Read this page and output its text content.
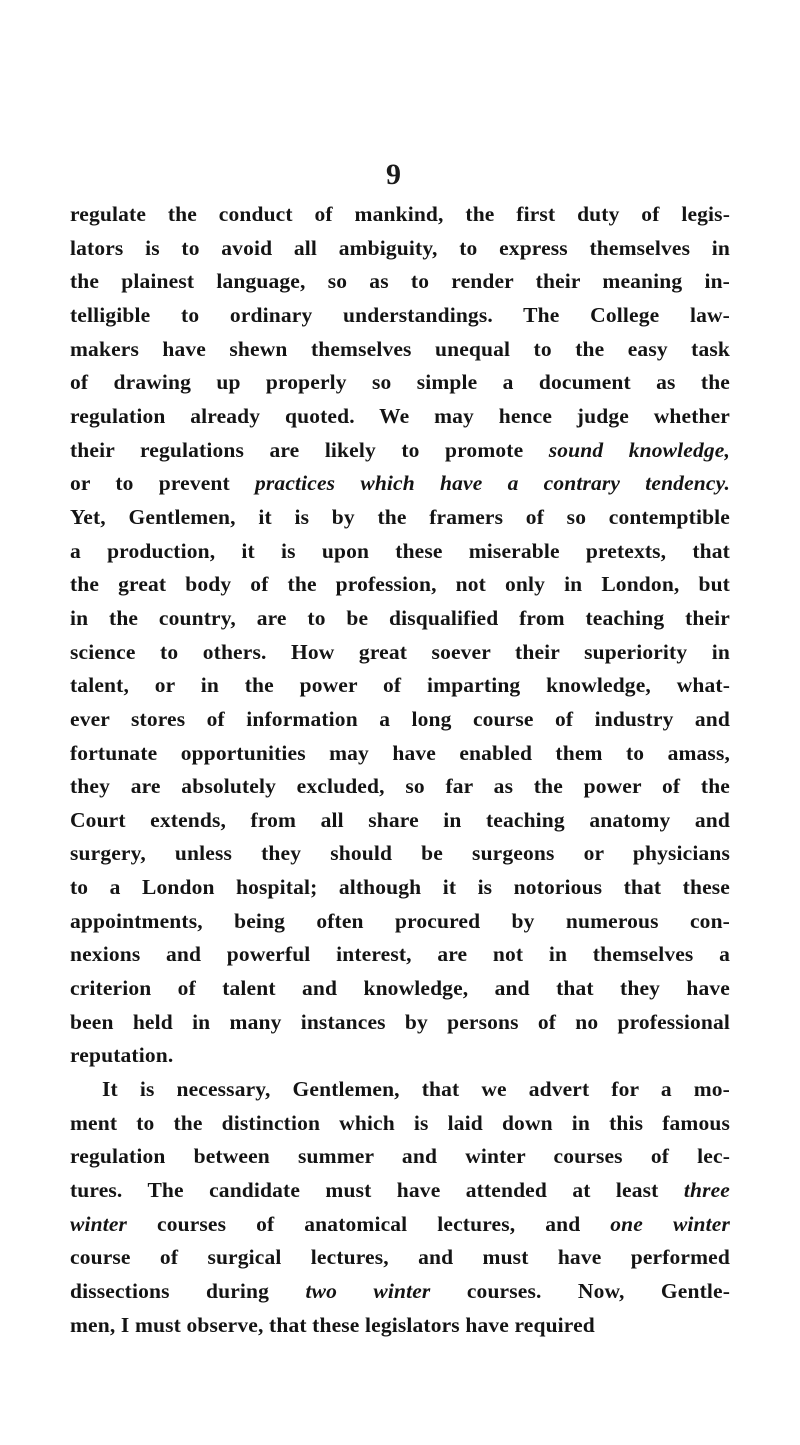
9
regulate the conduct of mankind, the first duty of legis-
lators is to avoid all ambiguity, to express themselves in
the plainest language, so as to render their meaning in-
telligible to ordinary understandings. The College law-
makers have shewn themselves unequal to the easy task
of drawing up properly so simple a document as the
regulation already quoted. We may hence judge whether
their regulations are likely to promote sound knowledge,
or to prevent practices which have a contrary tendency.
Yet, Gentlemen, it is by the framers of so contemptible
a production, it is upon these miserable pretexts, that
the great body of the profession, not only in London, but
in the country, are to be disqualified from teaching their
science to others. How great soever their superiority in
talent, or in the power of imparting knowledge, what-
ever stores of information a long course of industry and
fortunate opportunities may have enabled them to amass,
they are absolutely excluded, so far as the power of the
Court extends, from all share in teaching anatomy and
surgery, unless they should be surgeons or physicians
to a London hospital; although it is notorious that these
appointments, being often procured by numerous con-
nexions and powerful interest, are not in themselves a
criterion of talent and knowledge, and that they have
been held in many instances by persons of no professional
reputation.
It is necessary, Gentlemen, that we advert for a mo-
ment to the distinction which is laid down in this famous
regulation between summer and winter courses of lec-
tures. The candidate must have attended at least three
winter courses of anatomical lectures, and one winter
course of surgical lectures, and must have performed
dissections during two winter courses. Now, Gentle-
men, I must observe, that these legislators have required
